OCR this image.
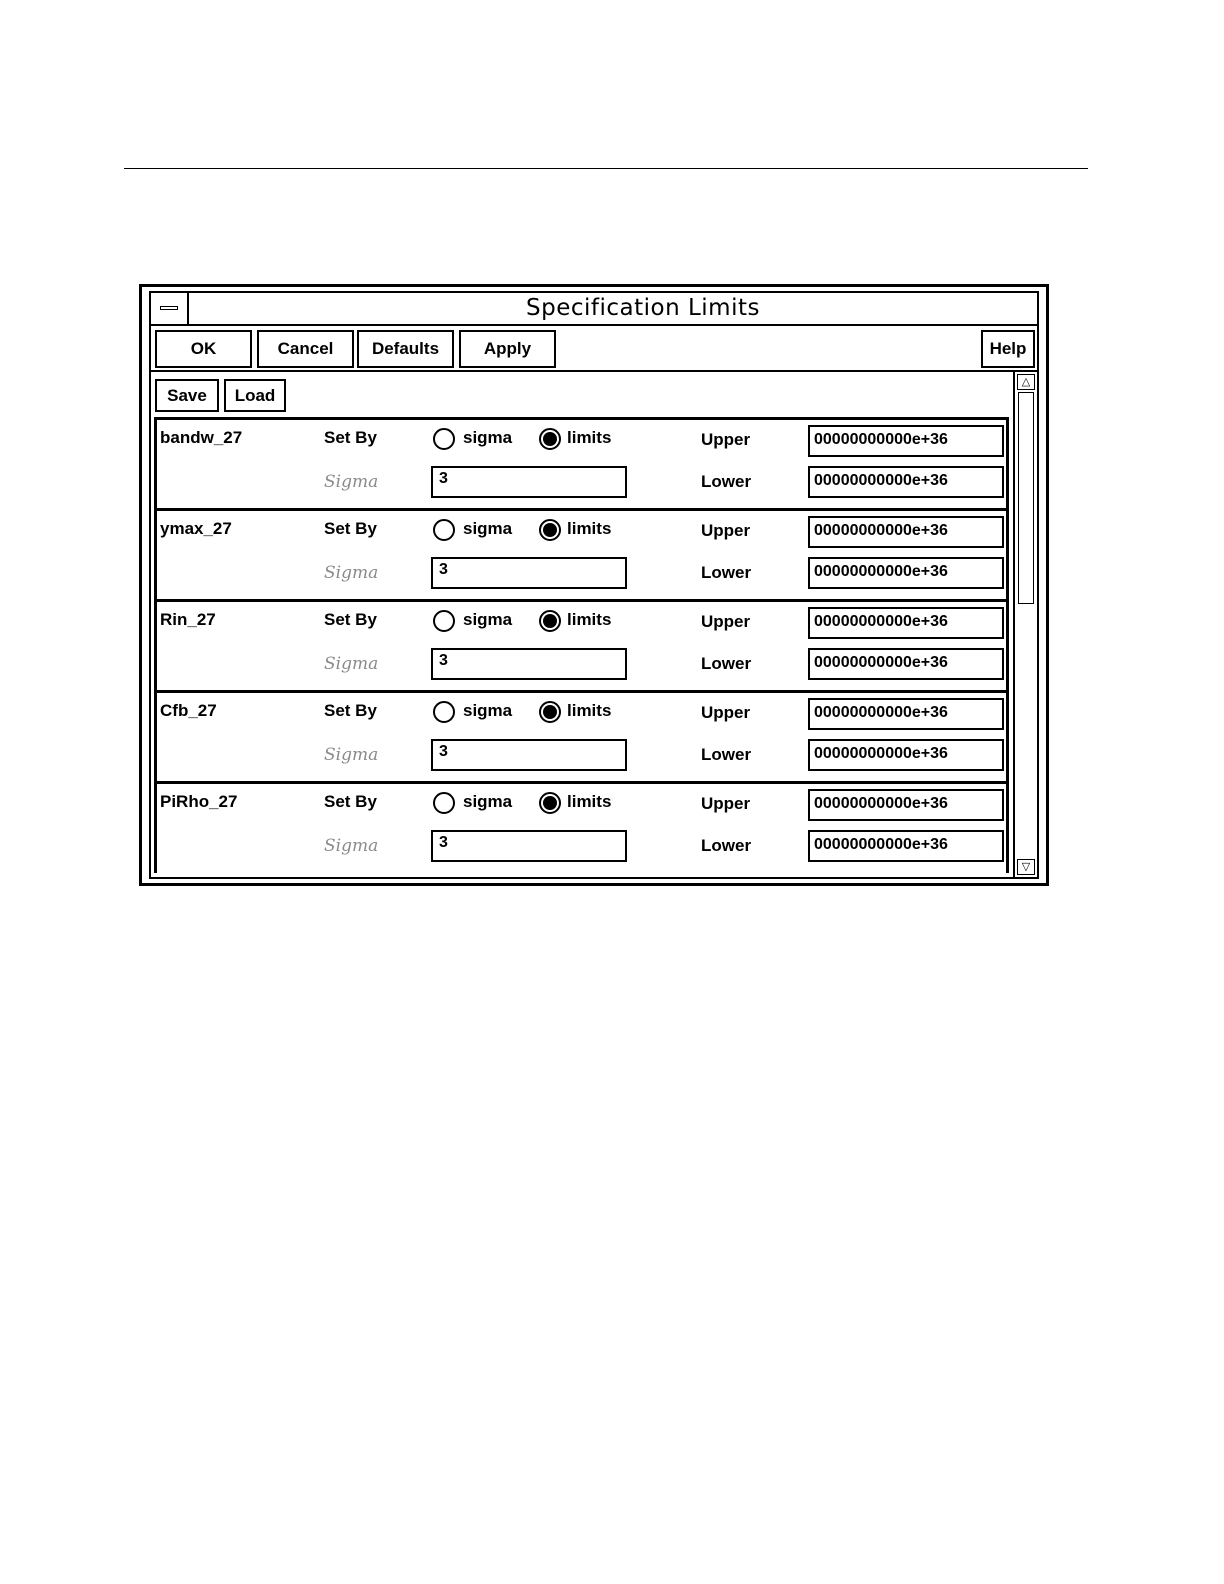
Specification Limits
OK	Cancel	Defaults	Apply	Help
Save	Load
bandw_27	Set By	sigma	limits	Upper	00000000000e+36
Sigma	3	Lower	00000000000e+36
ymax_27	Set By	sigma	limits	Upper	00000000000e+36
Sigma	3	Lower	00000000000e+36
Rin_27	Set By	sigma	limits	Upper	00000000000e+36
Sigma	3	Lower	00000000000e+36
Cfb_27	Set By	sigma	limits	Upper	00000000000e+36
Sigma	3	Lower	00000000000e+36
PiRho_27	Set By	sigma	limits	Upper	00000000000e+36
Sigma	3	Lower	00000000000e+36
△
▽
